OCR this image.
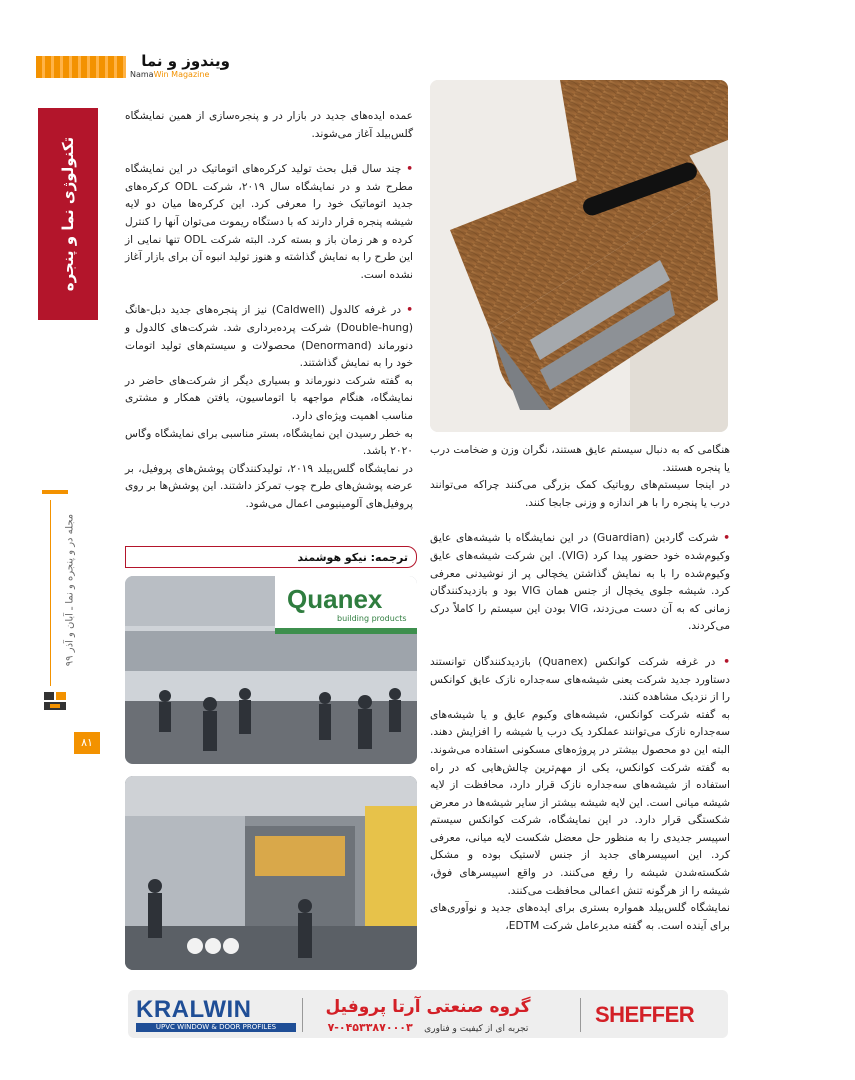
ویندوز و نما
NamaWin Magazine
تکنولوژی نما و پنجره
مجله در و پنجره و نما ـ آبان و آذر ۹۹
۸۱

عمده ایده‌های جدید در بازار در و پنجره‌سازی از همین نمایشگاه گلس‌بیلد آغاز می‌شوند.

• چند سال قبل بحث تولید کرکره‌های اتوماتیک در این نمایشگاه مطرح شد و در نمایشگاه سال ۲۰۱۹، شرکت ODL کرکره‌های جدید اتوماتیک خود را معرفی کرد. این کرکره‌ها میان دو لایه شیشه پنجره قرار دارند که با دستگاه ریموت می‌توان آنها را کنترل کرده و هر زمان باز و بسته کرد. البته شرکت ODL تنها نمایی از این طرح را به نمایش گذاشته و هنوز تولید انبوه آن برای بازار آغاز نشده است.

• در غرفه کالدول (Caldwell) نیز از پنجره‌های جدید دبل-هانگ (Double-hung) شرکت پرده‌برداری شد. شرکت‌های کالدول و دنورماند (Denormand) محصولات و سیستم‌های تولید اتومات خود را به نمایش گذاشتند.

به گفته شرکت دنورماند و بسیاری دیگر از شرکت‌های حاضر در نمایشگاه، هنگام مواجهه با اتوماسیون، یافتن همکار و مشتری مناسب اهمیت ویژه‌ای دارد.

به خطر رسیدن این نمایشگاه، بستر مناسبی برای نمایشگاه وگاس ۲۰۲۰ باشد.

در نمایشگاه گلس‌بیلد ۲۰۱۹، تولیدکنندگان پوشش‌های پروفیل، بر عرضه پوشش‌های طرح چوب تمرکز داشتند. این پوشش‌ها بر روی پروفیل‌های آلومینیومی اعمال می‌شود.

ترجمه: نیکو هوشمند
Quanex
building products

هنگامی که به دنبال سیستم عایق هستند، نگران وزن و ضخامت درب یا پنجره هستند.

در اینجا سیستم‌های روباتیک کمک بزرگی می‌کنند چراکه می‌توانند درب یا پنجره را با هر اندازه و وزنی جابجا کنند.

• شرکت گاردین (Guardian) در این نمایشگاه با شیشه‌های عایق وکیوم‌شده خود حضور پیدا کرد (VIG). این شرکت شیشه‌های عایق وکیوم‌شده را با به نمایش گذاشتن یخچالی پر از نوشیدنی معرفی کرد. شیشه جلوی یخچال از جنس همان VIG بود و بازدیدکنندگان زمانی که به آن دست می‌زدند، VIG بودن این سیستم را کاملاً درک می‌کردند.

• در غرفه شرکت کوانکس (Quanex) بازدیدکنندگان توانستند دستاورد جدید شرکت یعنی شیشه‌های سه‌جداره نازک عایق کوانکس را از نزدیک مشاهده کنند.

به گفته شرکت کوانکس، شیشه‌های وکیوم عایق و یا شیشه‌های سه‌جداره نازک می‌توانند عملکرد یک درب یا شیشه را افزایش دهند. البته این دو محصول بیشتر در پروژه‌های مسکونی استفاده می‌شوند. به گفته شرکت کوانکس، یکی از مهم‌ترین چالش‌هایی که در راه استفاده از شیشه‌های سه‌جداره نازک قرار دارد، محافظت از لایه شیشه میانی است. این لایه شیشه بیشتر از سایر شیشه‌ها در معرض شکستگی قرار دارد. در این نمایشگاه، شرکت کوانکس سیستم اسپیسر جدیدی را به منظور حل معضل شکست لایه میانی، معرفی کرد. این اسپیسرهای جدید از جنس لاستیک بوده و مشکل شکسته‌شدن شیشه را رفع می‌کنند. در واقع اسپیسرهای فوق، شیشه را از هرگونه تنش اعمالی محافظت می‌کنند.

نمایشگاه گلس‌بیلد همواره بستری برای ایده‌های جدید و نوآوری‌های برای آینده است. به گفته مدیرعامل شرکت EDTM،

KRALWIN
UPVC WINDOW & DOOR PROFILES
گروه صنعتی آرتا پروفیل
تجربه ای از کیفیت و فناوری    ۰۴۵۳۳۸۷۰۰۰۳-۷
SHEFFER
